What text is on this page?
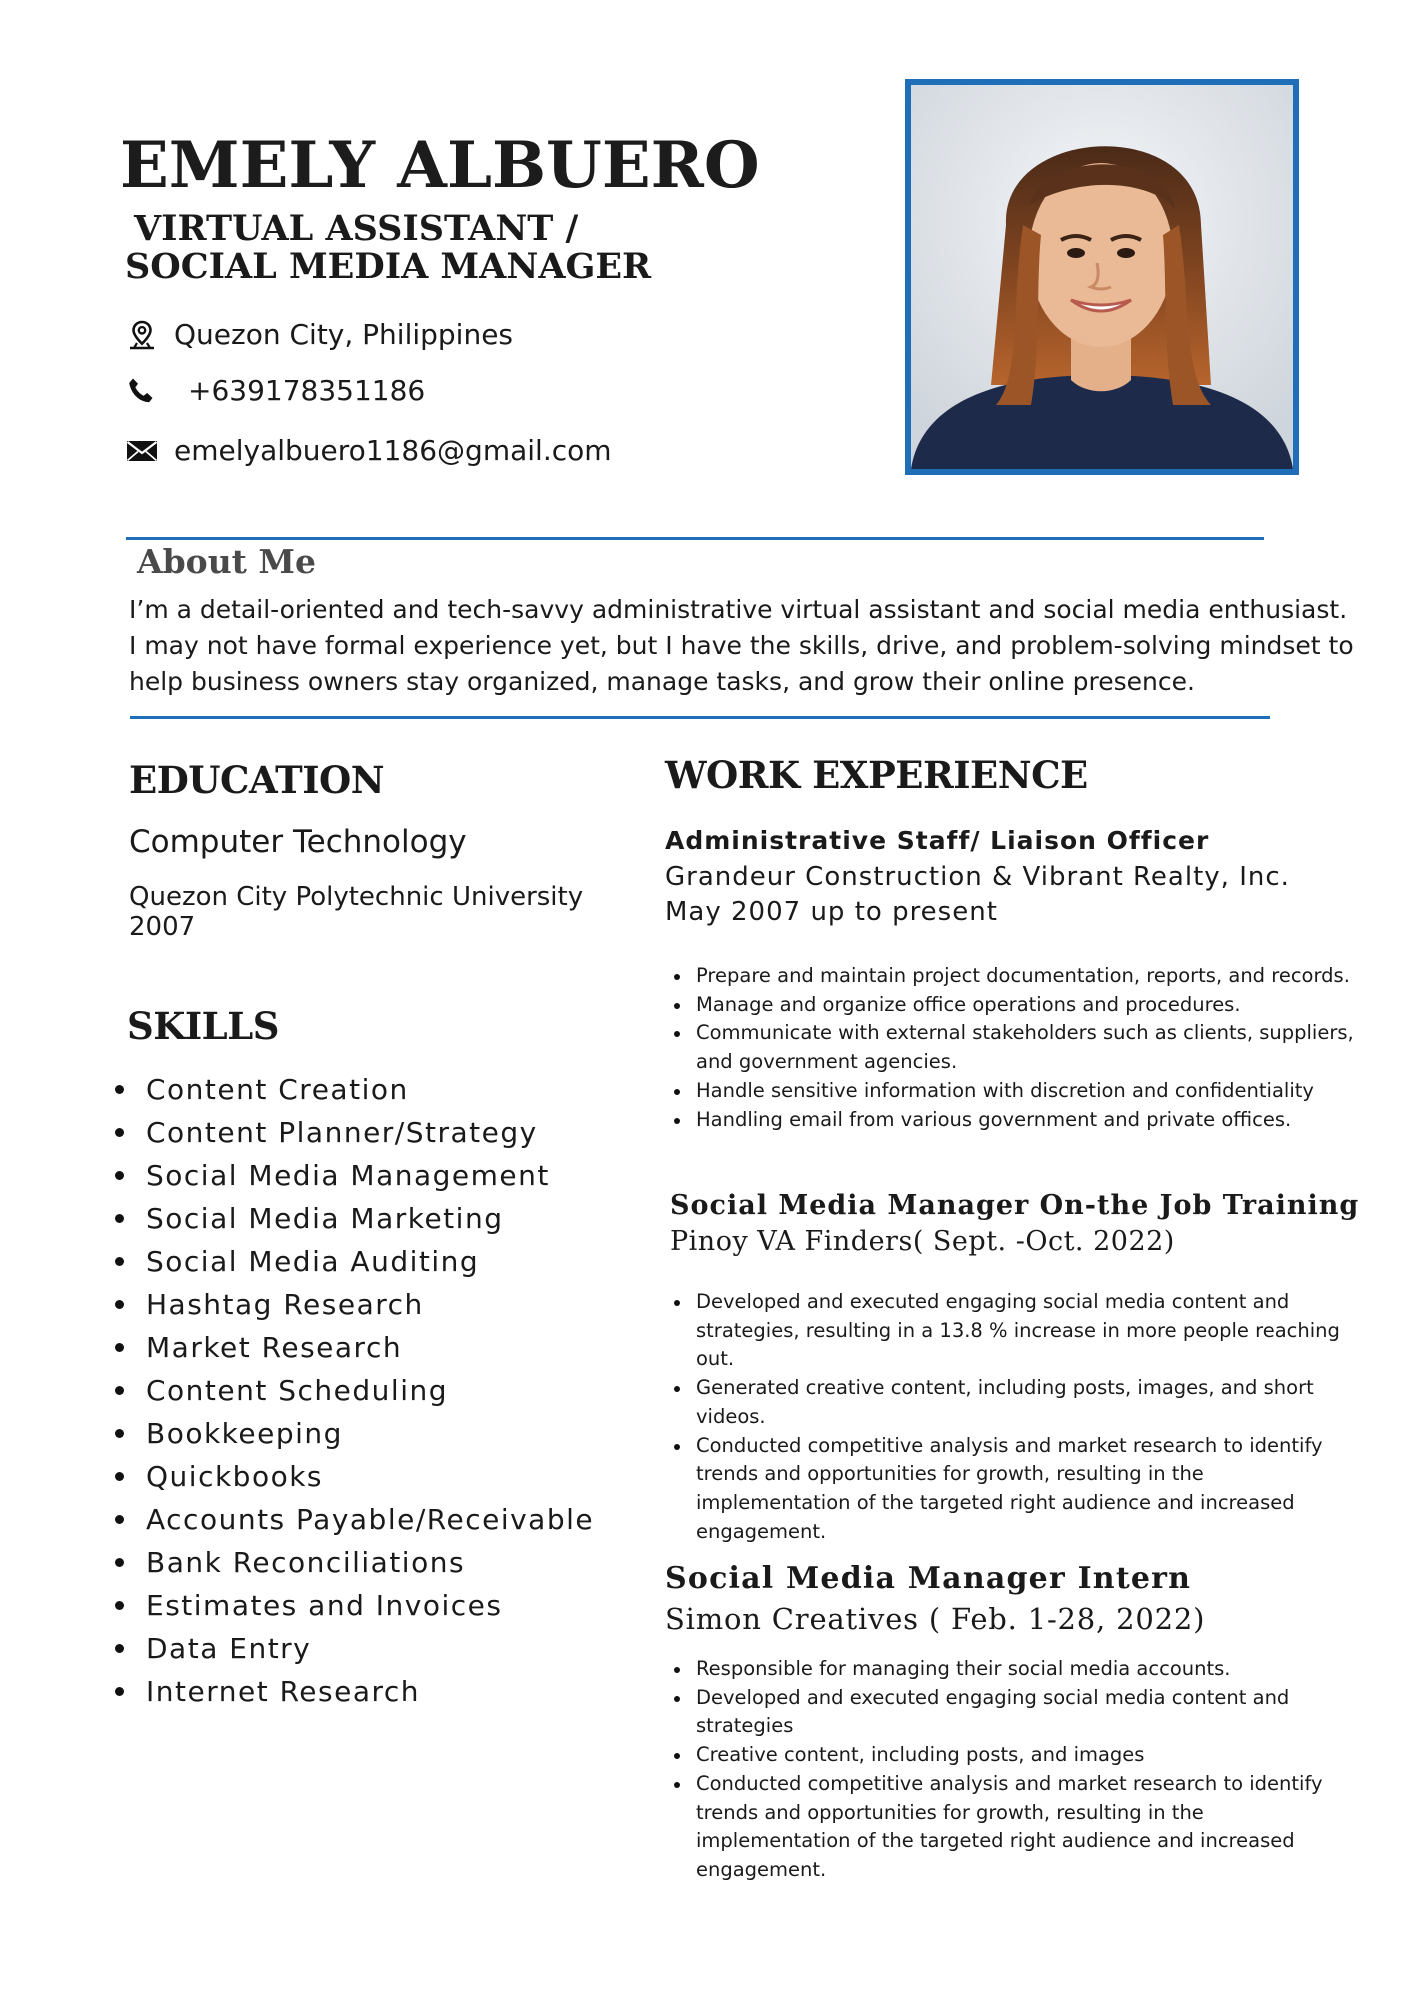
EMELY ALBUERO
VIRTUAL ASSISTANT /
SOCIAL MEDIA MANAGER
Quezon City, Philippines
+639178351186
emelyalbuero1186@gmail.com
About Me
I’m a detail-oriented and tech-savvy administrative virtual assistant and social media enthusiast.
I may not have formal experience yet, but I have the skills, drive, and problem-solving mindset to
help business owners stay organized, manage tasks, and grow their online presence.
EDUCATION
Computer Technology
Quezon City Polytechnic University
2007
SKILLS
Content Creation
Content Planner/Strategy
Social Media Management
Social Media Marketing
Social Media Auditing
Hashtag Research
Market Research
Content Scheduling
Bookkeeping
Quickbooks
Accounts Payable/Receivable
Bank Reconciliations
Estimates and Invoices
Data Entry
Internet Research
WORK EXPERIENCE
Administrative Staff/ Liaison Officer
Grandeur Construction & Vibrant Realty, Inc.
May 2007 up to present
Prepare and maintain project documentation, reports, and records.
Manage and organize office operations and procedures.
Communicate with external stakeholders such as clients, suppliers,
and government agencies.
Handle sensitive information with discretion and confidentiality
Handling email from various government and private offices.
Social Media Manager On-the Job Training
Pinoy VA Finders( Sept. -Oct. 2022)
Developed and executed engaging social media content and
strategies, resulting in a 13.8 % increase in more people reaching
out.
Generated creative content, including posts, images, and short
videos.
Conducted competitive analysis and market research to identify
trends and opportunities for growth, resulting in the
implementation of the targeted right audience and increased
engagement.
Social Media Manager Intern
Simon Creatives ( Feb. 1-28, 2022)
Responsible for managing their social media accounts.
Developed and executed engaging social media content and
strategies
Creative content, including posts, and images
Conducted competitive analysis and market research to identify
trends and opportunities for growth, resulting in the
implementation of the targeted right audience and increased
engagement.
